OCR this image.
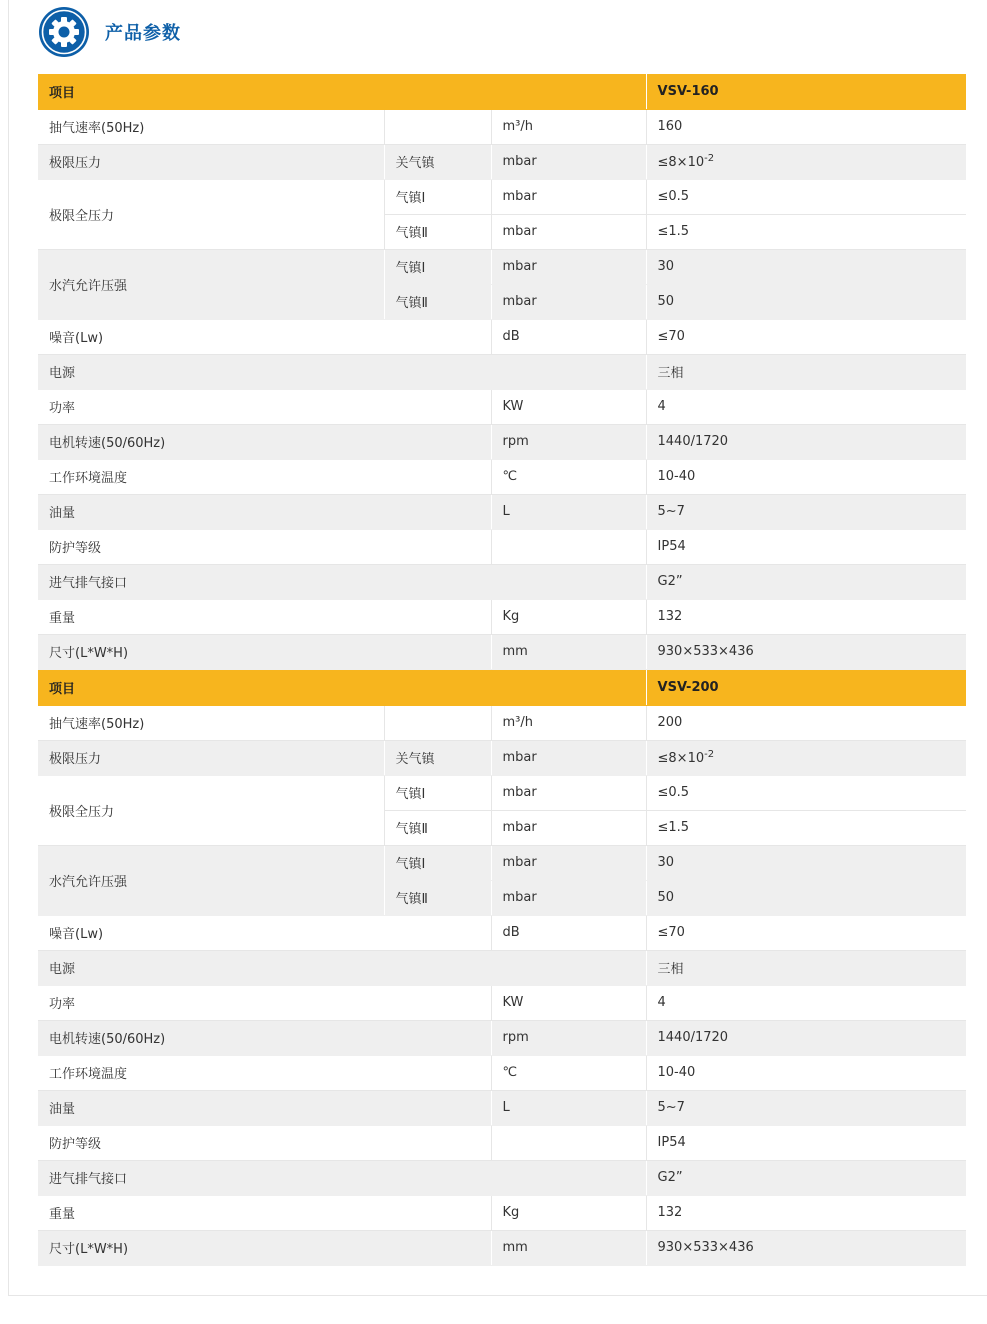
产品参数
项目			VSV-160
抽气速率(50Hz)		m³/h	160
极限压力	关气镇	mbar	$\le 8\times 10^{-2}$
极限全压力	气镇Ⅰ	mbar	≤0.5
	气镇Ⅱ	mbar	≤1.5
水汽允许压强	气镇Ⅰ	mbar	30
	气镇Ⅱ	mbar	50
噪音(Lw)		dB	≤70
电源			三相
功率		KW	4
电机转速(50/60Hz)		rpm	1440/1720
工作环境温度		℃	10-40
油量		L	5~7
防护等级			IP54
进气排气接口			G2”
重量		Kg	132
尺寸(L*W*H)		mm	930×533×436
项目			VSV-200
抽气速率(50Hz)		m³/h	200
极限压力	关气镇	mbar	$\le 8\times 10^{-2}$
极限全压力	气镇Ⅰ	mbar	≤0.5
	气镇Ⅱ	mbar	≤1.5
水汽允许压强	气镇Ⅰ	mbar	30
	气镇Ⅱ	mbar	50
噪音(Lw)		dB	≤70
电源			三相
功率		KW	4
电机转速(50/60Hz)		rpm	1440/1720
工作环境温度		℃	10-40
油量		L	5~7
防护等级			IP54
进气排气接口			G2”
重量		Kg	132
尺寸(L*W*H)		mm	930×533×436
